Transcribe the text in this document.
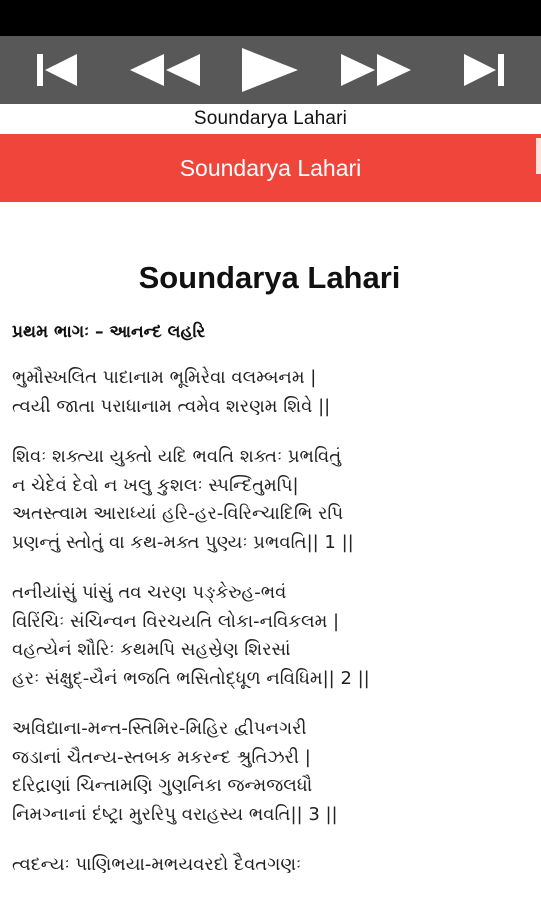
Soundarya Lahari
Soundarya Lahari
Soundarya Lahari
પ્રથમ ભાગઃ – આનન્દ લહરિ
ભુમૌસ્ખલિત પાદાનામ ભૂમિરેવા વલમ્બનમ |
ત્વયી જાતા પરાધાનામ ત્વમેવ શરણમ શિવે ||
શિવઃ શક્ત્યા યુક્તો યદિ ભવતિ શક્તઃ પ્રભવિતું
ન ચેદેવં દેવો ન ખલુ કુશલઃ સ્પન્દિતુમપિ|
અતસ્ત્વામ આરાધ્યાં હરિ-હર-વિરિન્ચાદિભિ રપિ
પ્રણન્તું સ્તોતું વા કથ-મક્ત પુણ્યઃ પ્રભવતિ|| 1 ||
તનીયાંસું પાંસું તવ ચરણ પઙ્કેરુહ-ભવં
વિરિંચિઃ સંચિન્વન વિરચયતિ લોકા-નવિકલમ |
વહત્યેનં શૌરિઃ કથમપિ સહસ્રેણ શિરસાં
હરઃ સંક્ષુદ્-યૈનં ભજતિ ભસિતોદ્ધૂળ નવિધિમ|| 2 ||
અવિદ્યાના-મન્ત-સ્તિમિર-મિહિર દ્વીપનગરી
જડાનાં ચૈતન્ય-સ્તબક મકરન્દ શ્રુતિઝરી |
દરિદ્રાણાં ચિન્તામણિ ગુણનિકા જન્મજલધૌ
નિમગ્નાનાં દંષ્ટ્રા મુરરિપુ વરાહસ્ય ભવતિ|| 3 ||
ત્વદન્યઃ પાણિભયા-મભયવરદો દૈવતગણઃ
